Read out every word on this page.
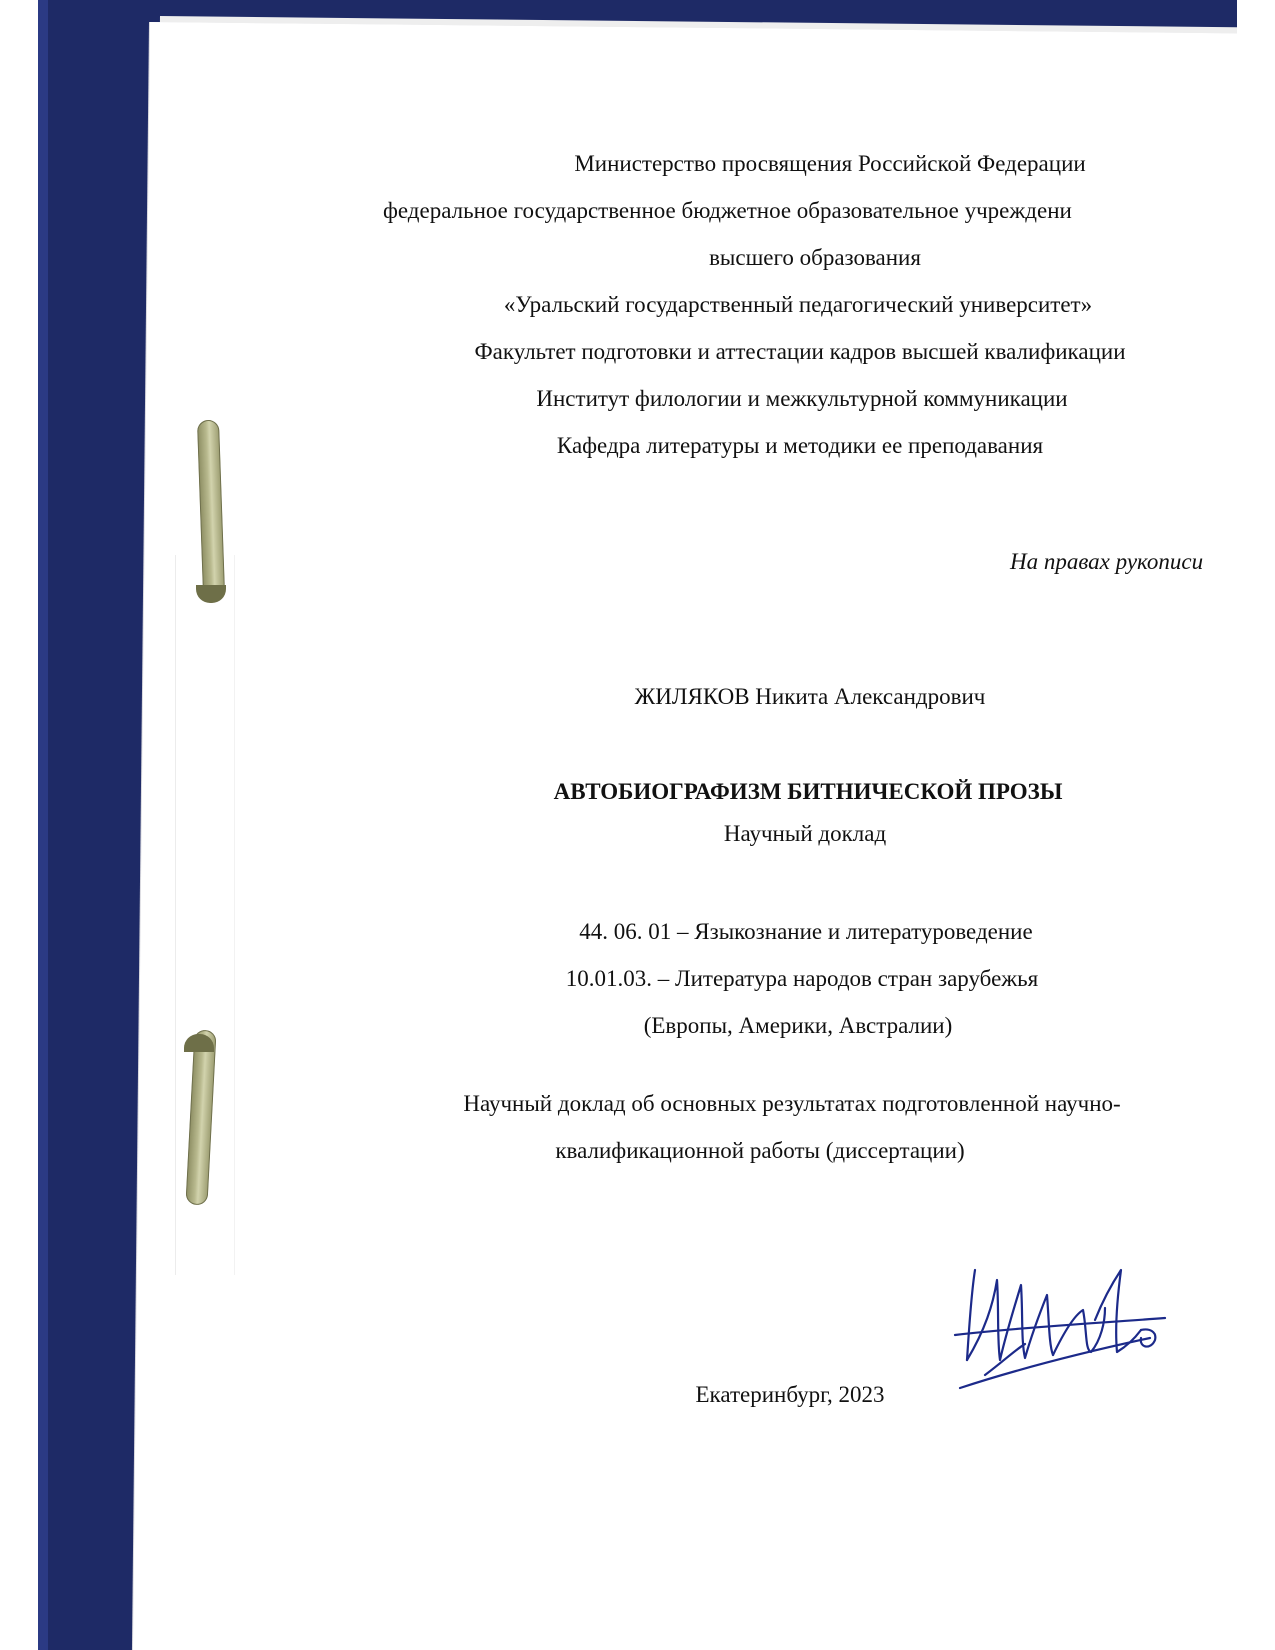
Министерство просвящения Российской Федерации
федеральное государственное бюджетное образовательное учреждени
высшего образования
«Уральский государственный педагогический университет»
Факультет подготовки и аттестации кадров высшей квалификации
Институт филологии и межкультурной коммуникации
Кафедра литературы и методики ее преподавания
На правах рукописи
ЖИЛЯКОВ Никита Александрович
АВТОБИОГРАФИЗМ БИТНИЧЕСКОЙ ПРОЗЫ
Научный доклад
44. 06. 01 – Языкознание и литературоведение
10.01.03. – Литература народов стран зарубежья
(Европы, Америки, Австралии)
Научный доклад об основных результатах подготовленной научно-
квалификационной работы (диссертации)
Екатеринбург, 2023
